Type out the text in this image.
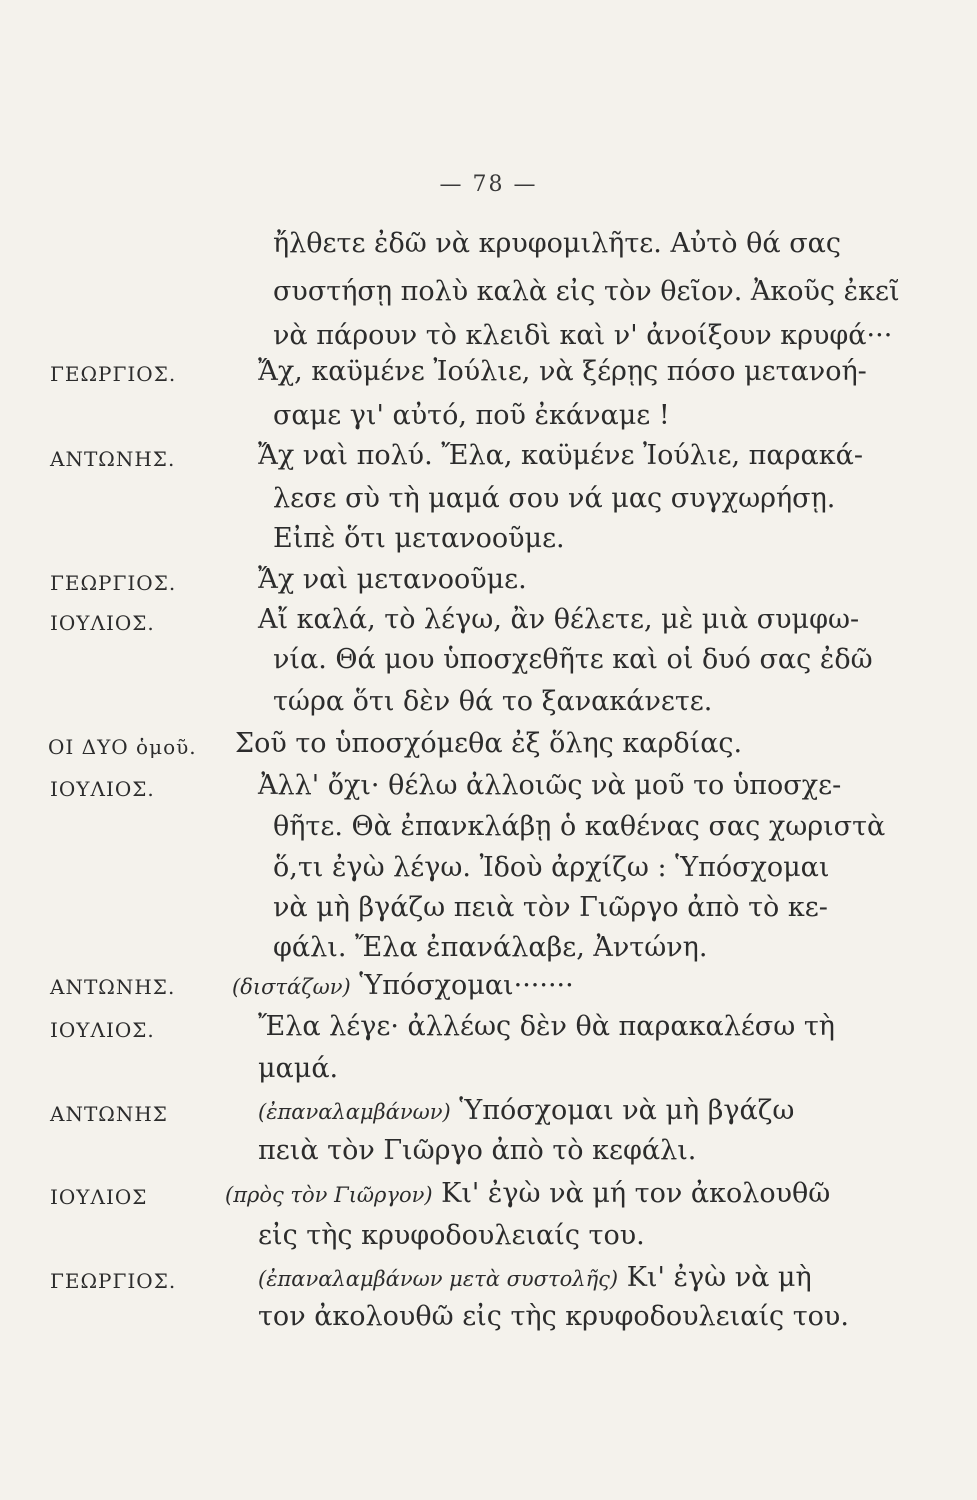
— 78 —
ἤλθετε ἐδῶ νὰ κρυφομιλῆτε. Αὐτὸ θά σας
συστήσῃ πολὺ καλὰ εἰς τὸν θεῖον. Ἀκοῦς ἐκεῖ
νὰ πάρουν τὸ κλειδὶ καὶ ν' ἀνοίξουν κρυφά···
ΓΕΩΡΓΙΟΣ.	Ἄχ, καϋμένε Ἰούλιε, νὰ ξέρῃς πόσο μετανοή-
σαμε γι' αὐτό, ποῦ ἐκάναμε !
ΑΝΤΩΝΗΣ.	Ἄχ ναὶ πολύ. Ἔλα, καϋμένε Ἰούλιε, παρακά-
λεσε σὺ τὴ μαμά σου νά μας συγχωρήσῃ.
Εἰπὲ ὅτι μετανοοῦμε.
ΓΕΩΡΓΙΟΣ.	Ἄχ ναὶ μετανοοῦμε.
ΙΟΥΛΙΟΣ.	Αἴ καλά, τὸ λέγω, ἂν θέλετε, μὲ μιὰ συμφω-
νία. Θά μου ὑποσχεθῆτε καὶ οἱ δυό σας ἐδῶ
τώρα ὅτι δὲν θά το ξανακάνετε.
ΟΙ ΔΥΟ ὁμοῦ. Σοῦ το ὑποσχόμεθα ἐξ ὅλης καρδίας.
ΙΟΥΛΙΟΣ.	Ἀλλ' ὄχι· θέλω ἀλλοιῶς νὰ μοῦ το ὑποσχε-
θῆτε. Θὰ ἐπανκλάβῃ ὁ καθένας σας χωριστὰ
ὅ,τι ἐγὼ λέγω. Ἰδοὺ ἀρχίζω : Ὑπόσχομαι
νὰ μὴ βγάζω πειὰ τὸν Γιῶργο ἀπὸ τὸ κε-
φάλι. Ἔλα ἐπανάλαβε, Ἀντώνη.
ΑΝΤΩΝΗΣ.	(διστάζων) Ὑπόσχομαι·······
ΙΟΥΛΙΟΣ.	Ἔλα λέγε· ἀλλέως δὲν θὰ παρακαλέσω τὴ
μαμά.
ΑΝΤΩΝΗΣ	(ἐπαναλαμβάνων) Ὑπόσχομαι νὰ μὴ βγάζω
πειὰ τὸν Γιῶργο ἀπὸ τὸ κεφάλι.
ΙΟΥΛΙΟΣ	(πρὸς τὸν Γιῶργον) Κι' ἐγὼ νὰ μή τον ἀκολουθῶ
εἰς τὴς κρυφοδουλειαίς του.
ΓΕΩΡΓΙΟΣ.	(ἐπαναλαμβάνων μετὰ συστολῆς) Κι' ἐγὼ νὰ μὴ
τον ἀκολουθῶ εἰς τὴς κρυφοδουλειαίς του.
